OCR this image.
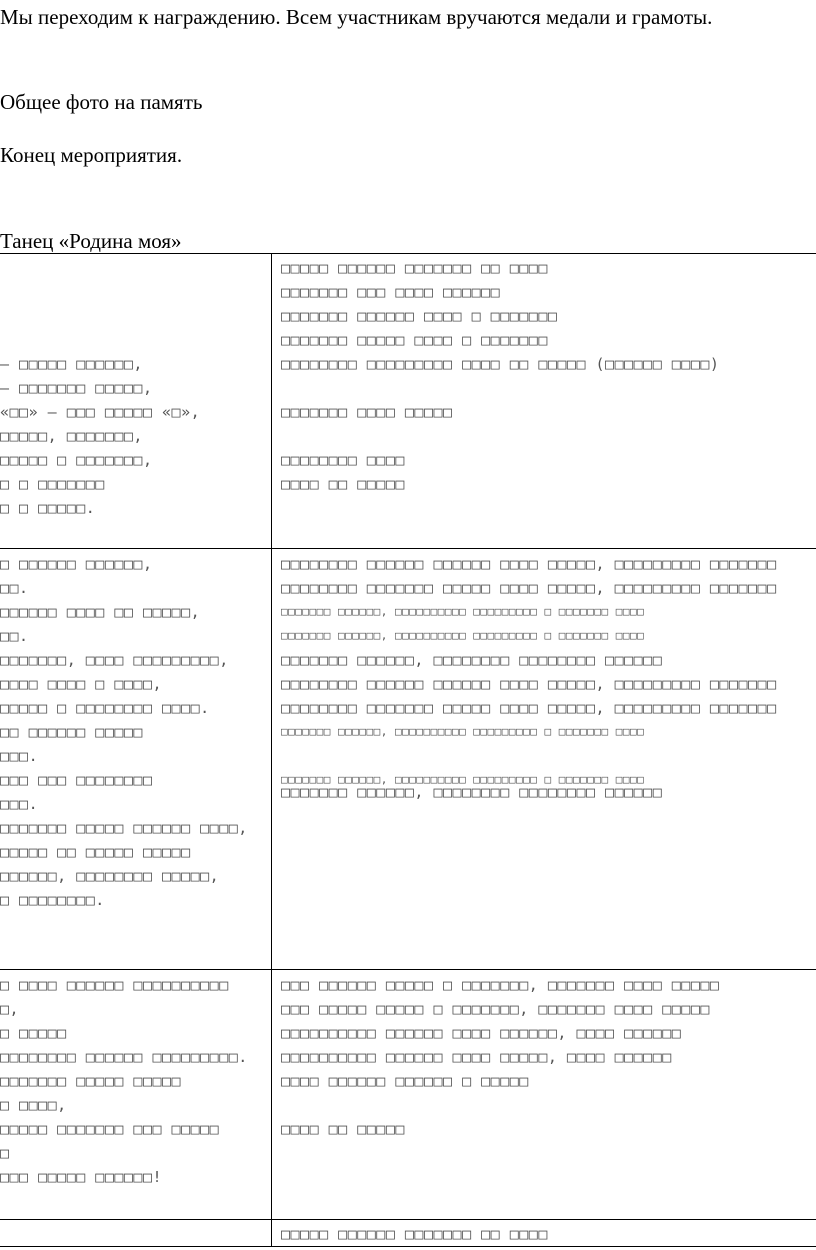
Мы переходим к награждению. Всем участникам вручаются медали и грамоты.

Общее фото на память

Конец мероприятия.

Танец «Родина моя»

□□□□□ □□□□□□ □□□□□□□ □□ □□□□
□□□□□□□ □□□ □□□□ □□□□□□
□□□□□□□ □□□□□□ □□□□ □ □□□□□□□
□□□□□□□ □□□□□ □□□□ □ □□□□□□□
□□□□□□□□ □□□□□□□□□ □□□□ □□ □□□□□ (□□□□□□ □□□□)

□□□□□□□ □□□□ □□□□□

□□□□□□□□ □□□□
□□□□ □□ □□□□□
— □□□□□ □□□□□□,
— □□□□□□□ □□□□□,
«□□» — □□□ □□□□□ «□»,
□□□□□, □□□□□□□,
□□□□□ □ □□□□□□□,
□ □ □□□□□□□
□ □ □□□□□.
□ □□□□□□ □□□□□□,
□□.
□□□□□□ □□□□ □□ □□□□□,
□□.
□□□□□□□, □□□□ □□□□□□□□□,
□□□□ □□□□ □ □□□□,
□□□□□ □ □□□□□□□□ □□□□.
□□ □□□□□□ □□□□□
□□□.
□□□ □□□ □□□□□□□□
□□□.
□□□□□□□ □□□□□ □□□□□□ □□□□,
□□□□□ □□ □□□□□ □□□□□
□□□□□□, □□□□□□□□ □□□□□,
□ □□□□□□□□.
□□□□□□□□ □□□□□□ □□□□□□ □□□□ □□□□□, □□□□□□□□□ □□□□□□□
□□□□□□□□ □□□□□□□ □□□□□ □□□□ □□□□□, □□□□□□□□□ □□□□□□□
□□□□□□□ □□□□□□, □□□□□□□□□□ □□□□□□□□□ □ □□□□□□□ □□□□
□□□□□□□ □□□□□□, □□□□□□□□□□ □□□□□□□□□ □ □□□□□□□ □□□□
□□□□□□□ □□□□□□, □□□□□□□□ □□□□□□□□ □□□□□□
□□□□□□□□ □□□□□□ □□□□□□ □□□□ □□□□□, □□□□□□□□□ □□□□□□□
□□□□□□□□ □□□□□□□ □□□□□ □□□□ □□□□□, □□□□□□□□□ □□□□□□□
□□□□□□□ □□□□□□, □□□□□□□□□□ □□□□□□□□□ □ □□□□□□□ □□□□

□□□□□□□ □□□□□□, □□□□□□□□□□ □□□□□□□□□ □ □□□□□□□ □□□□
□□□□□□□ □□□□□□, □□□□□□□□ □□□□□□□□ □□□□□□
□ □□□□ □□□□□□ □□□□□□□□□□
□,
□ □□□□□
□□□□□□□□ □□□□□□ □□□□□□□□□.
□□□□□□□ □□□□□ □□□□□
□ □□□□,
□□□□□ □□□□□□□ □□□ □□□□□
□
□□□ □□□□□ □□□□□□!
□□□ □□□□□□ □□□□□ □ □□□□□□□, □□□□□□□ □□□□ □□□□□
□□□ □□□□□ □□□□□ □ □□□□□□□, □□□□□□□ □□□□ □□□□□
□□□□□□□□□□ □□□□□□ □□□□ □□□□□□, □□□□ □□□□□□
□□□□□□□□□□ □□□□□□ □□□□ □□□□□, □□□□ □□□□□□
□□□□ □□□□□□ □□□□□□ □ □□□□□

□□□□ □□ □□□□□
□□□□□ □□□□□□ □□□□□□□ □□ □□□□
